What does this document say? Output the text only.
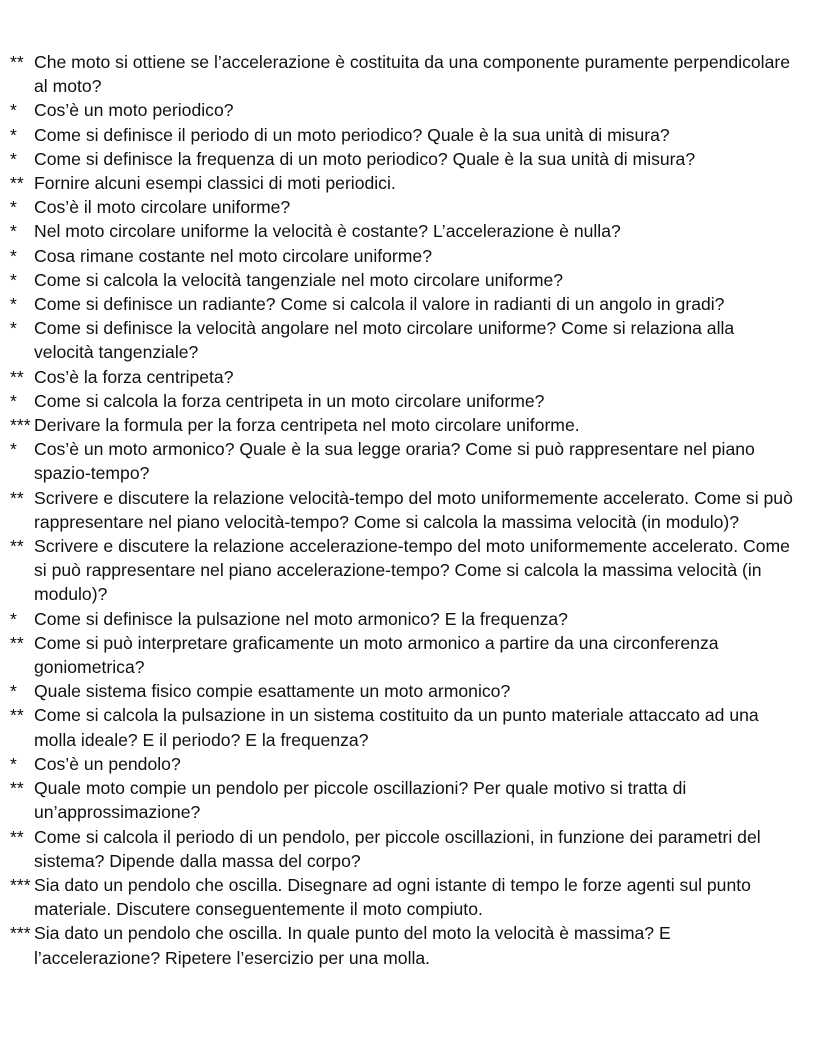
** Che moto si ottiene se l’accelerazione è costituita da una componente puramente perpendicolare al moto?
* Cos’è un moto periodico?
* Come si definisce il periodo di un moto periodico? Quale è la sua unità di misura?
* Come si definisce la frequenza di un moto periodico? Quale è la sua unità di misura?
** Fornire alcuni esempi classici di moti periodici.
* Cos’è il moto circolare uniforme?
* Nel moto circolare uniforme la velocità è costante? L’accelerazione è nulla?
* Cosa rimane costante nel moto circolare uniforme?
* Come si calcola la velocità tangenziale nel moto circolare uniforme?
* Come si definisce un radiante? Come si calcola il valore in radianti di un angolo in gradi?
* Come si definisce la velocità angolare nel moto circolare uniforme? Come si relaziona alla velocità tangenziale?
** Cos’è la forza centripeta?
* Come si calcola la forza centripeta in un moto circolare uniforme?
*** Derivare la formula per la forza centripeta nel moto circolare uniforme.
* Cos’è un moto armonico? Quale è la sua legge oraria? Come si può rappresentare nel piano spazio-tempo?
** Scrivere e discutere la relazione velocità-tempo del moto uniformemente accelerato. Come si può rappresentare nel piano velocità-tempo? Come si calcola la massima velocità (in modulo)?
** Scrivere e discutere la relazione accelerazione-tempo del moto uniformemente accelerato. Come si può rappresentare nel piano accelerazione-tempo? Come si calcola la massima velocità (in modulo)?
* Come si definisce la pulsazione nel moto armonico? E la frequenza?
** Come si può interpretare graficamente un moto armonico a partire da una circonferenza goniometrica?
* Quale sistema fisico compie esattamente un moto armonico?
** Come si calcola la pulsazione in un sistema costituito da un punto materiale attaccato ad una molla ideale? E il periodo? E la frequenza?
* Cos’è un pendolo?
** Quale moto compie un pendolo per piccole oscillazioni? Per quale motivo si tratta di un’approssimazione?
** Come si calcola il periodo di un pendolo, per piccole oscillazioni, in funzione dei parametri del sistema? Dipende dalla massa del corpo?
*** Sia dato un pendolo che oscilla. Disegnare ad ogni istante di tempo le forze agenti sul punto materiale. Discutere conseguentemente il moto compiuto.
*** Sia dato un pendolo che oscilla. In quale punto del moto la velocità è massima? E l’accelerazione? Ripetere l’esercizio per una molla.
